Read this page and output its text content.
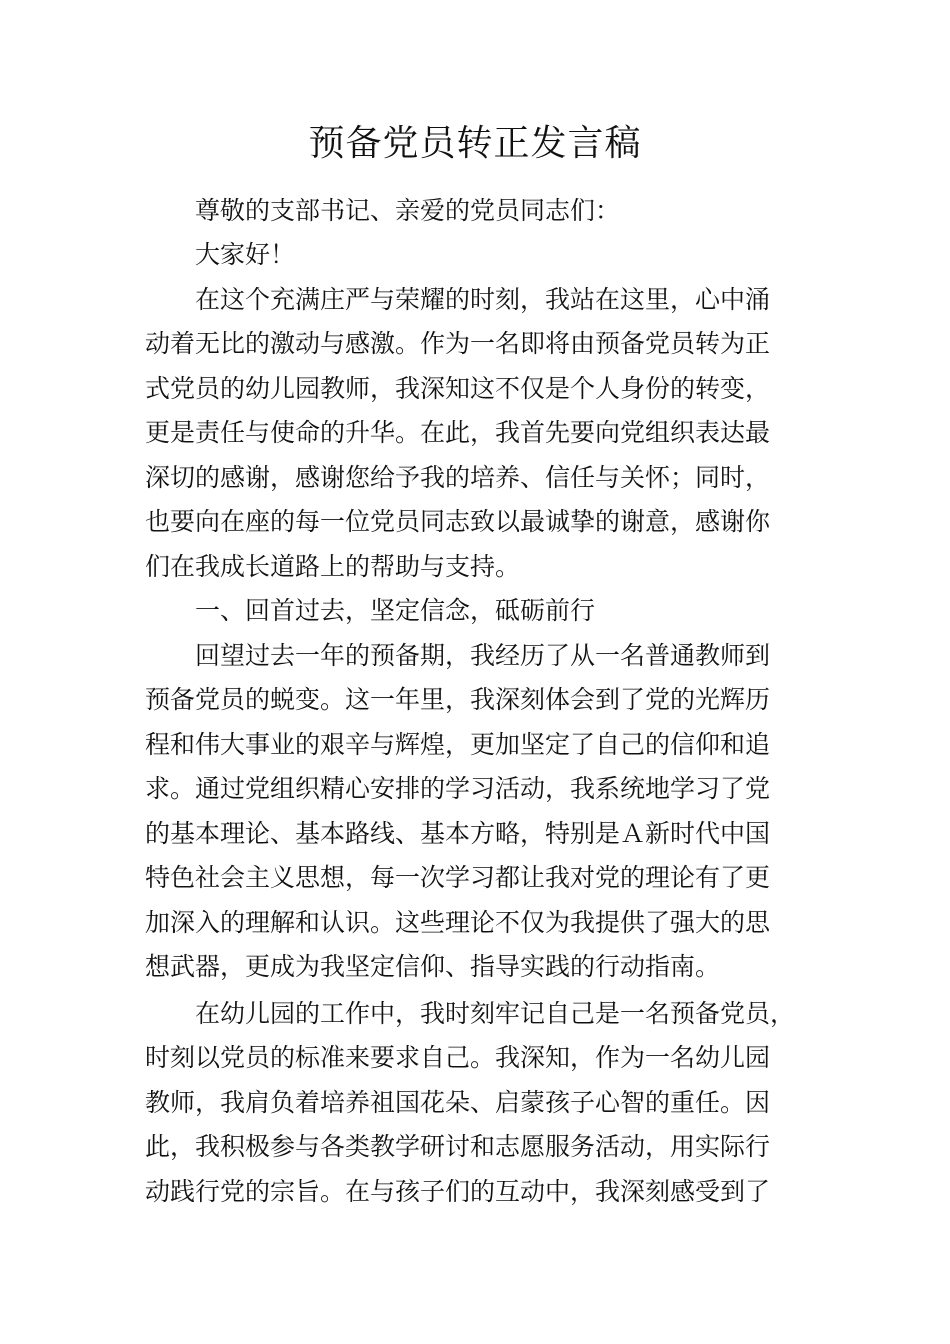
预备党员转正发言稿
尊敬的支部书记、亲爱的党员同志们：
大家好！
在这个充满庄严与荣耀的时刻，我站在这里，心中涌
动着无比的激动与感激。作为一名即将由预备党员转为正
式党员的幼儿园教师，我深知这不仅是个人身份的转变，
更是责任与使命的升华。在此，我首先要向党组织表达最
深切的感谢，感谢您给予我的培养、信任与关怀；同时，
也要向在座的每一位党员同志致以最诚挚的谢意，感谢你
们在我成长道路上的帮助与支持。
一、回首过去，坚定信念，砥砺前行
回望过去一年的预备期，我经历了从一名普通教师到
预备党员的蜕变。这一年里，我深刻体会到了党的光辉历
程和伟大事业的艰辛与辉煌，更加坚定了自己的信仰和追
求。通过党组织精心安排的学习活动，我系统地学习了党
的基本理论、基本路线、基本方略，特别是Ａ新时代中国
特色社会主义思想，每一次学习都让我对党的理论有了更
加深入的理解和认识。这些理论不仅为我提供了强大的思
想武器，更成为我坚定信仰、指导实践的行动指南。
在幼儿园的工作中，我时刻牢记自己是一名预备党员，
时刻以党员的标准来要求自己。我深知，作为一名幼儿园
教师，我肩负着培养祖国花朵、启蒙孩子心智的重任。因
此，我积极参与各类教学研讨和志愿服务活动，用实际行
动践行党的宗旨。在与孩子们的互动中，我深刻感受到了
